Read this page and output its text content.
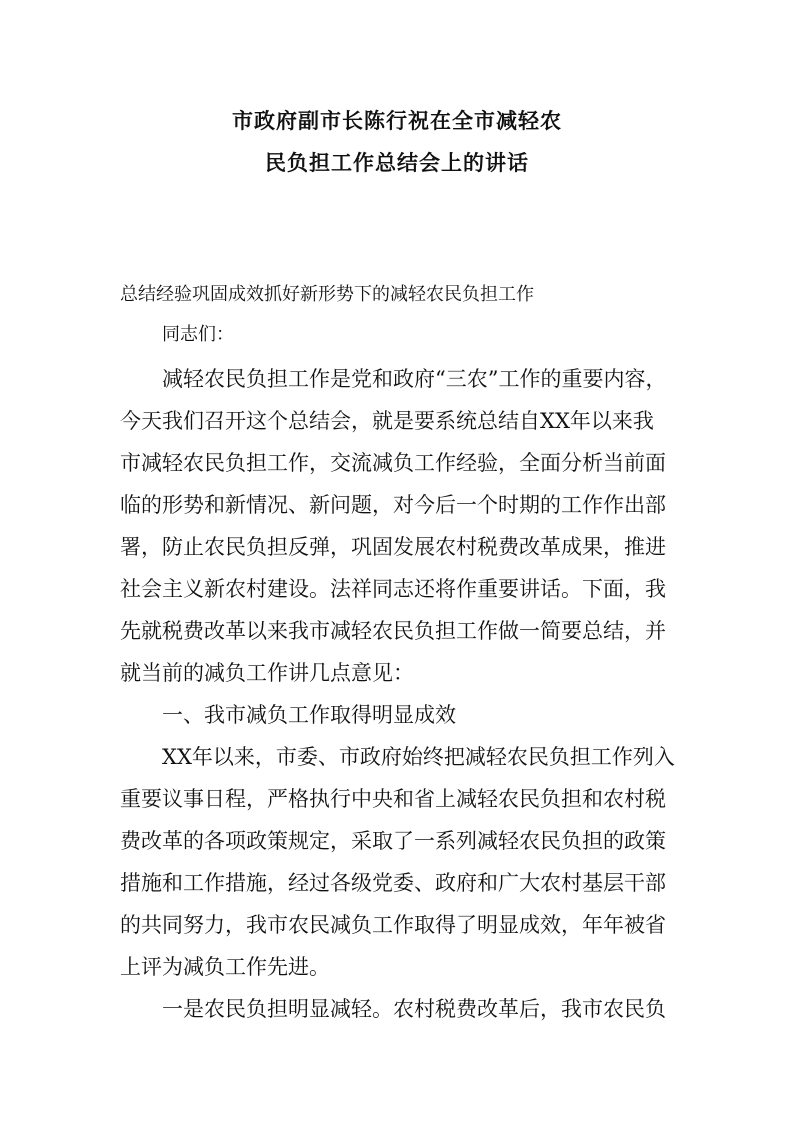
市政府副市长陈行祝在全市减轻农
民负担工作总结会上的讲话
总结经验巩固成效抓好新形势下的减轻农民负担工作
同志们：
减轻农民负担工作是党和政府“三农”工作的重要内容，
今天我们召开这个总结会，就是要系统总结自XX年以来我
市减轻农民负担工作，交流减负工作经验，全面分析当前面
临的形势和新情况、新问题，对今后一个时期的工作作出部
署，防止农民负担反弹，巩固发展农村税费改革成果，推进
社会主义新农村建设。法祥同志还将作重要讲话。下面，我
先就税费改革以来我市减轻农民负担工作做一简要总结，并
就当前的减负工作讲几点意见：
一、我市减负工作取得明显成效
XX年以来，市委、市政府始终把减轻农民负担工作列入
重要议事日程，严格执行中央和省上减轻农民负担和农村税
费改革的各项政策规定，采取了一系列减轻农民负担的政策
措施和工作措施，经过各级党委、政府和广大农村基层干部
的共同努力，我市农民减负工作取得了明显成效，年年被省
上评为减负工作先进。
一是农民负担明显减轻。农村税费改革后，我市农民负
